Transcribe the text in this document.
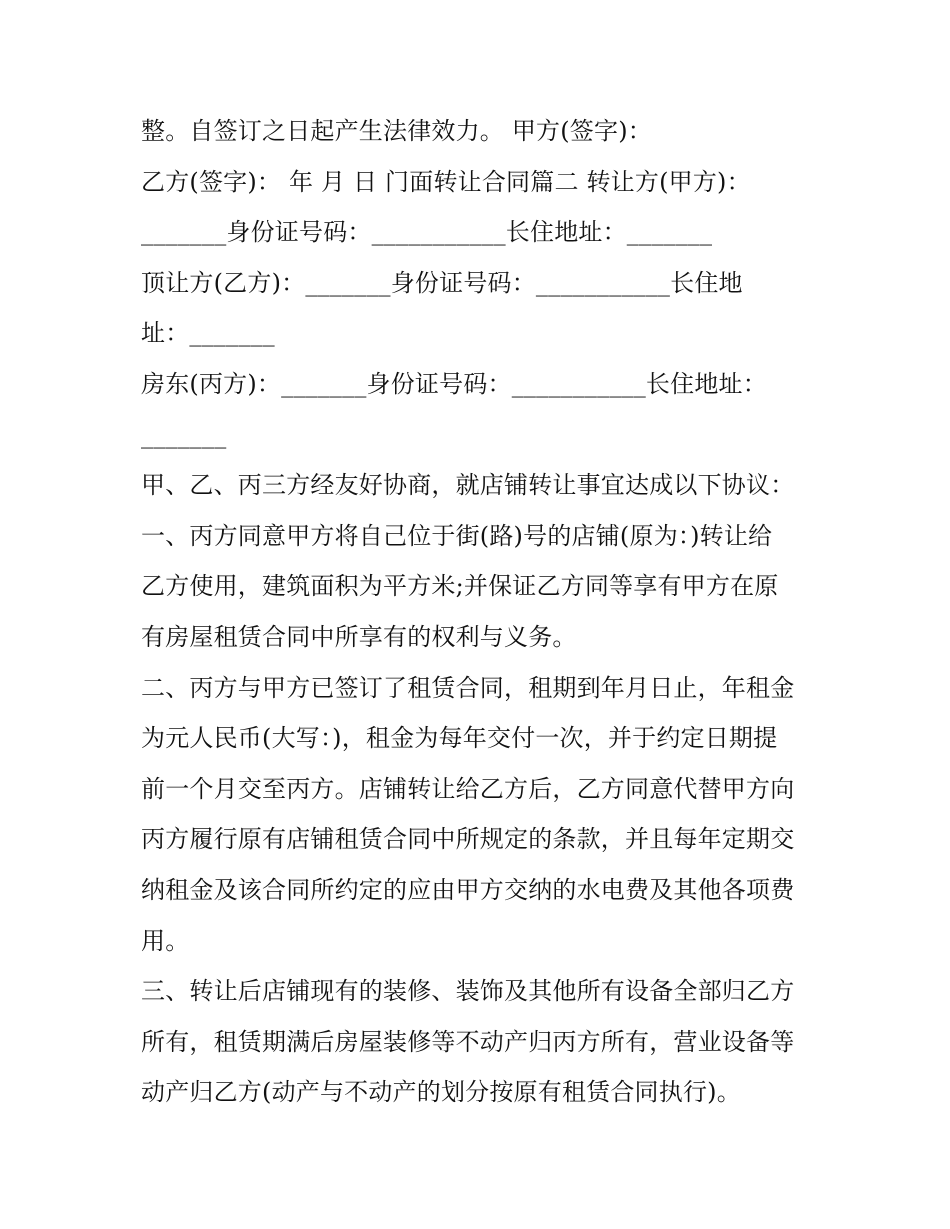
整。自签订之日起产生法律效力。 甲方(签字)：
乙方(签字)： 年 月 日 门面转让合同篇二 转让方(甲方)：
_______身份证号码：___________长住地址：_______
顶让方(乙方)：_______身份证号码：___________长住地
址：_______
房东(丙方)：_______身份证号码：___________长住地址：
_______
甲、乙、丙三方经友好协商，就店铺转让事宜达成以下协议：
一、丙方同意甲方将自己位于街(路)号的店铺(原为：)转让给
乙方使用，建筑面积为平方米;并保证乙方同等享有甲方在原
有房屋租赁合同中所享有的权利与义务。
二、丙方与甲方已签订了租赁合同，租期到年月日止，年租金
为元人民币(大写：)，租金为每年交付一次，并于约定日期提
前一个月交至丙方。店铺转让给乙方后，乙方同意代替甲方向
丙方履行原有店铺租赁合同中所规定的条款，并且每年定期交
纳租金及该合同所约定的应由甲方交纳的水电费及其他各项费
用。
三、转让后店铺现有的装修、装饰及其他所有设备全部归乙方
所有，租赁期满后房屋装修等不动产归丙方所有，营业设备等
动产归乙方(动产与不动产的划分按原有租赁合同执行)。
